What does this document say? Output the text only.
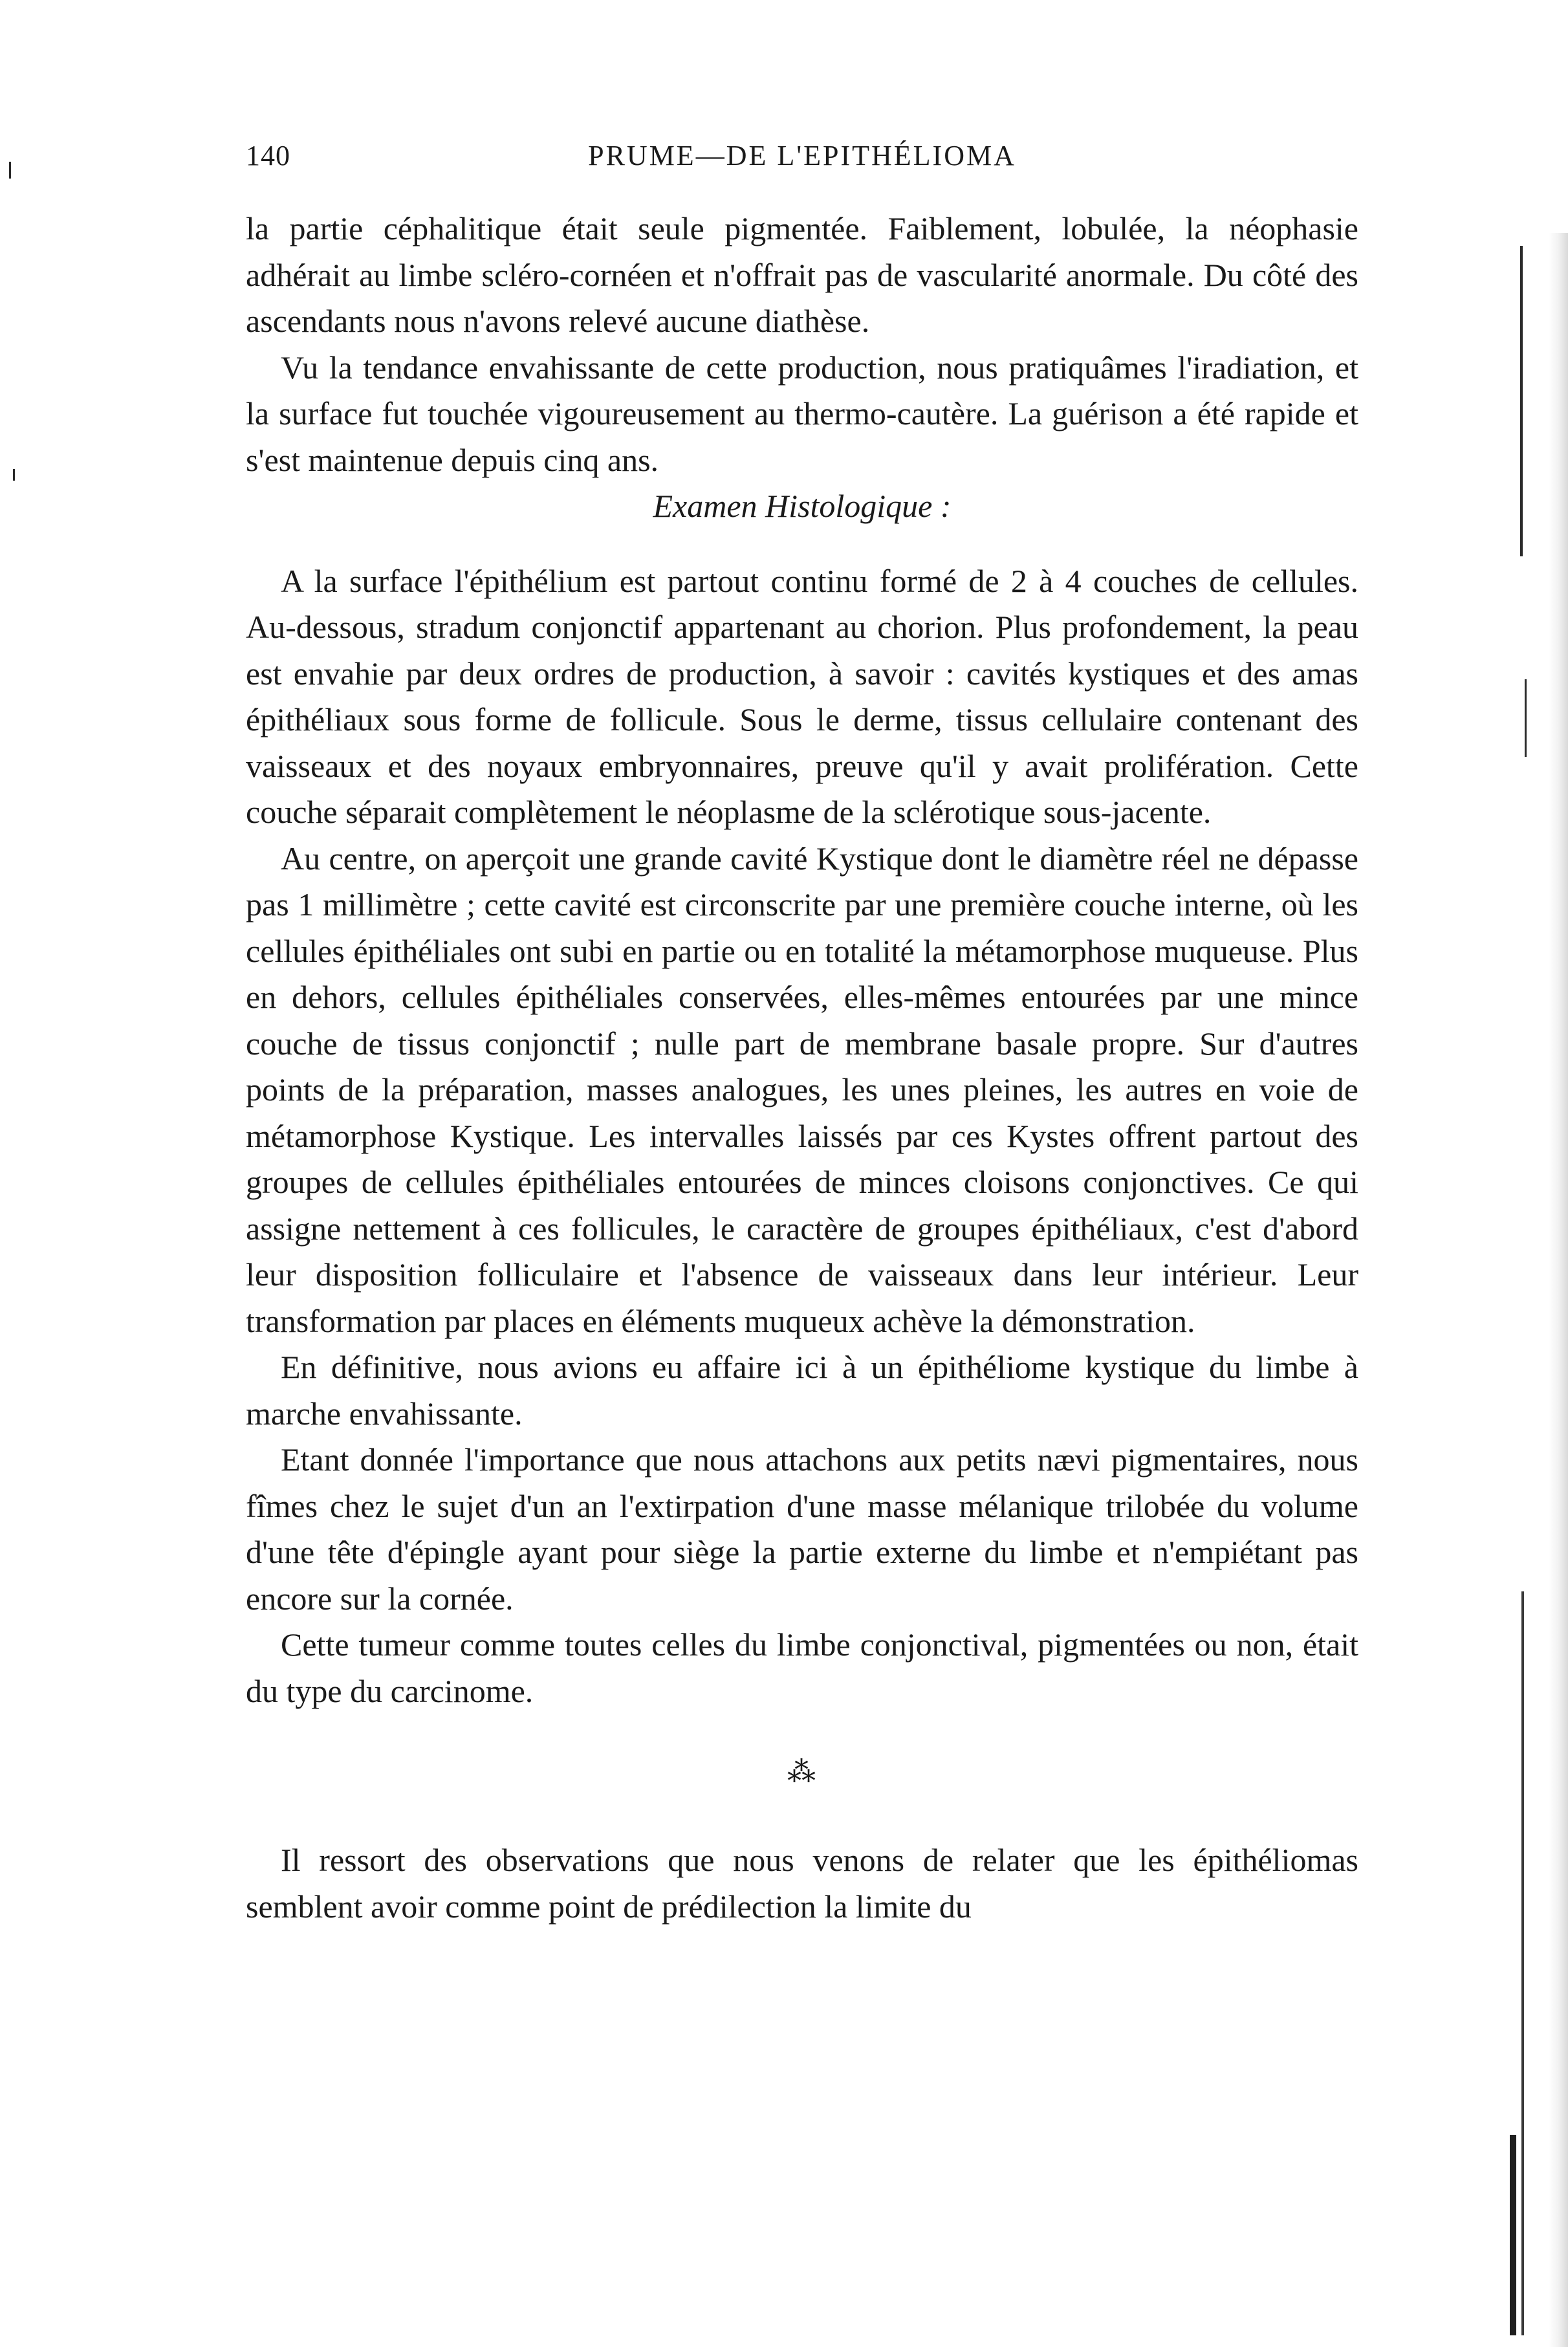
140	PRUME—DE L'EPITHÉLIOMA

la partie céphalitique était seule pigmentée. Faiblement, lobulée, la néophasie adhérait au limbe scléro-cornéen et n'offrait pas de vascularité anormale. Du côté des ascendants nous n'avons relevé aucune diathèse.

Vu la tendance envahissante de cette production, nous pratiquâmes l'iradiation, et la surface fut touchée vigoureusement au thermo-cautère. La guérison a été rapide et s'est maintenue depuis cinq ans.

Examen Histologique :

A la surface l'épithélium est partout continu formé de 2 à 4 couches de cellules. Au-dessous, stradum conjonctif appartenant au chorion. Plus profondement, la peau est envahie par deux ordres de production, à savoir : cavités kystiques et des amas épithéliaux sous forme de follicule. Sous le derme, tissus cellulaire contenant des vaisseaux et des noyaux embryonnaires, preuve qu'il y avait prolifération. Cette couche séparait complètement le néoplasme de la sclérotique sous-jacente.

Au centre, on aperçoit une grande cavité Kystique dont le diamètre réel ne dépasse pas 1 millimètre ; cette cavité est circonscrite par une première couche interne, où les cellules épithéliales ont subi en partie ou en totalité la métamorphose muqueuse. Plus en dehors, cellules épithéliales conservées, elles-mêmes entourées par une mince couche de tissus conjonctif ; nulle part de membrane basale propre. Sur d'autres points de la préparation, masses analogues, les unes pleines, les autres en voie de métamorphose Kystique. Les intervalles laissés par ces Kystes offrent partout des groupes de cellules épithéliales entourées de minces cloisons conjonctives. Ce qui assigne nettement à ces follicules, le caractère de groupes épithéliaux, c'est d'abord leur disposition folliculaire et l'absence de vaisseaux dans leur intérieur. Leur transformation par places en éléments muqueux achève la démonstration.

En définitive, nous avions eu affaire ici à un épithéliome kystique du limbe à marche envahissante.

Etant donnée l'importance que nous attachons aux petits nævi pigmentaires, nous fîmes chez le sujet d'un an l'extirpation d'une masse mélanique trilobée du volume d'une tête d'épingle ayant pour siège la partie externe du limbe et n'empiétant pas encore sur la cornée.

Cette tumeur comme toutes celles du limbe conjonctival, pigmentées ou non, était du type du carcinome.

⁂

Il ressort des observations que nous venons de relater que les épithéliomas semblent avoir comme point de prédilection la limite du
